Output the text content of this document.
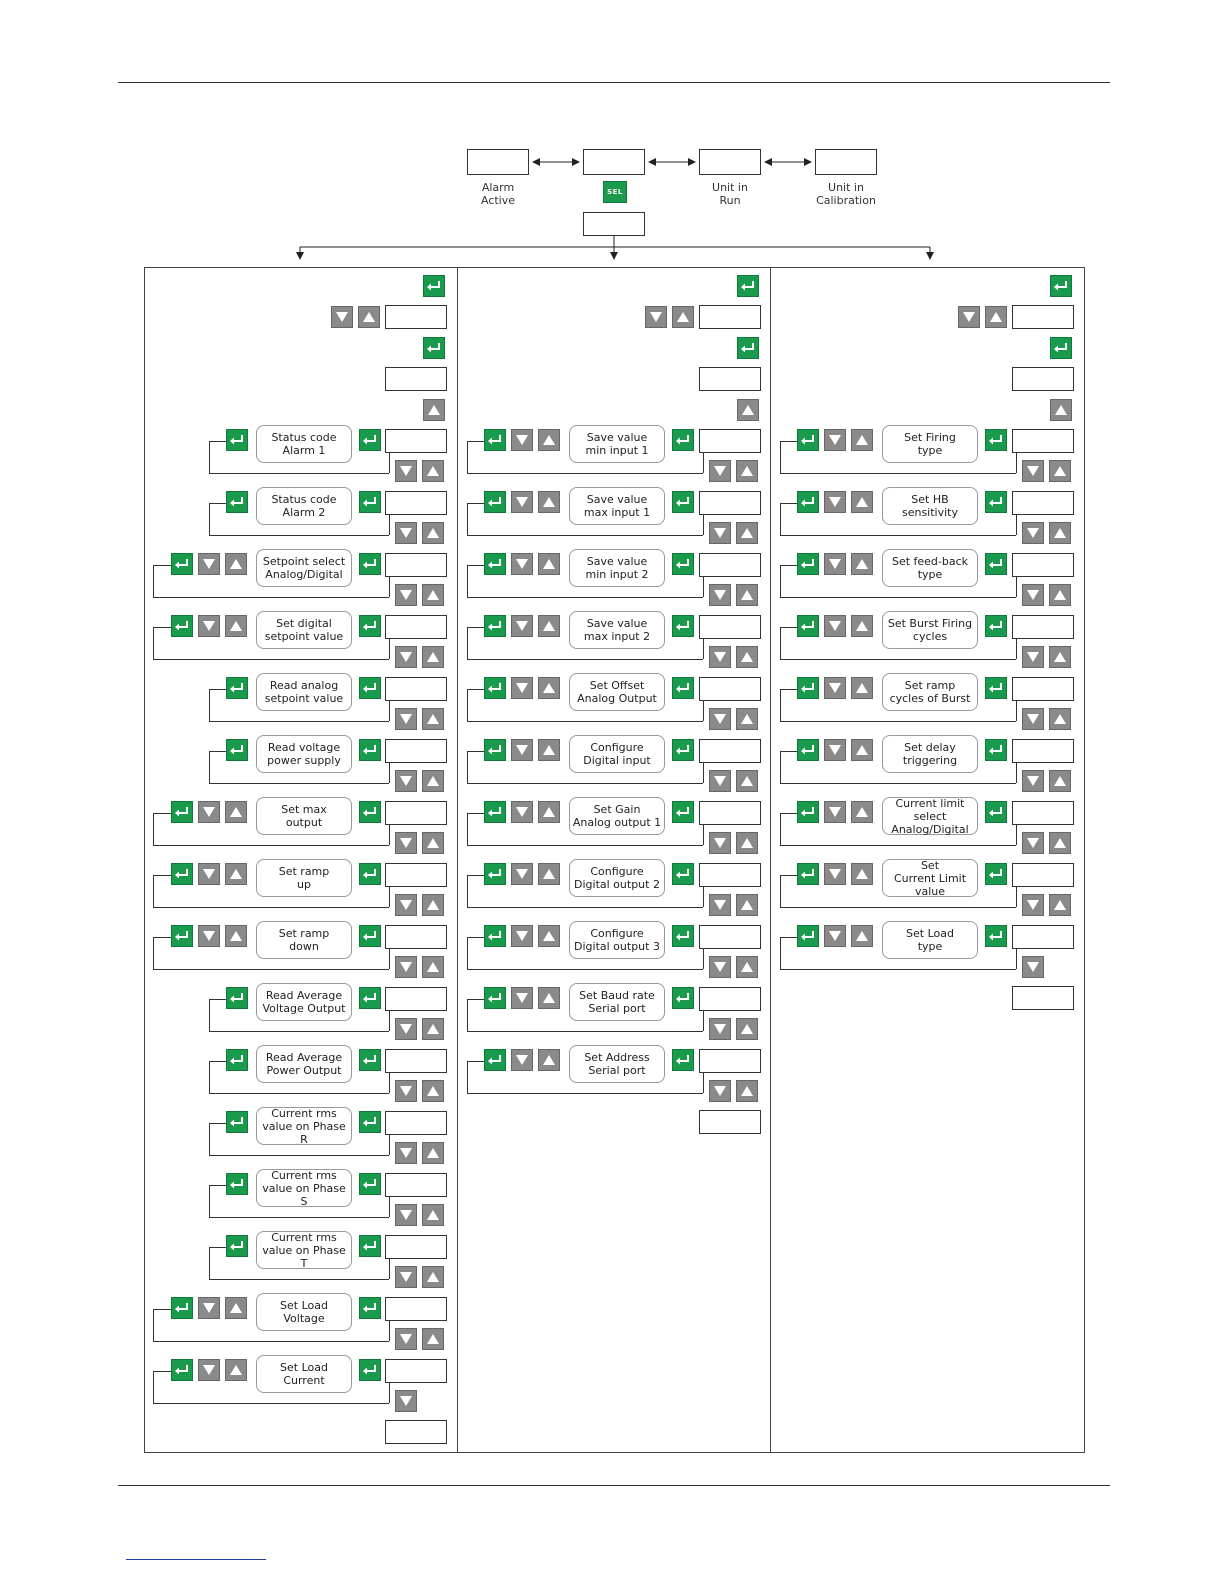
Alarm
Active
Unit in
Run
Unit in
Calibration
SEL
Status code
Alarm 1
Status code
Alarm 2
Setpoint select
Analog/Digital
Set digital
setpoint value
Read analog
setpoint value
Read voltage
power supply
Set max
output
Set ramp
up
Set ramp
down
Read Average
Voltage Output
Read Average
Power Output
Current rms
value on Phase R
Current rms
value on Phase S
Current rms
value on Phase T
Set Load
Voltage
Set Load
Current
Save value
min input 1
Save value
max input 1
Save value
min input 2
Save value
max input 2
Set Offset
Analog Output
Configure
Digital input
Set Gain
Analog output 1
Configure
Digital output 2
Configure
Digital output 3
Set Baud rate
Serial port
Set Address
Serial port
Set Firing
type
Set HB
sensitivity
Set feed-back
type
Set Burst Firing
cycles
Set ramp
cycles of Burst
Set delay
triggering
Current limit
select
Analog/Digital
Set
Current Limit
value
Set Load
type
